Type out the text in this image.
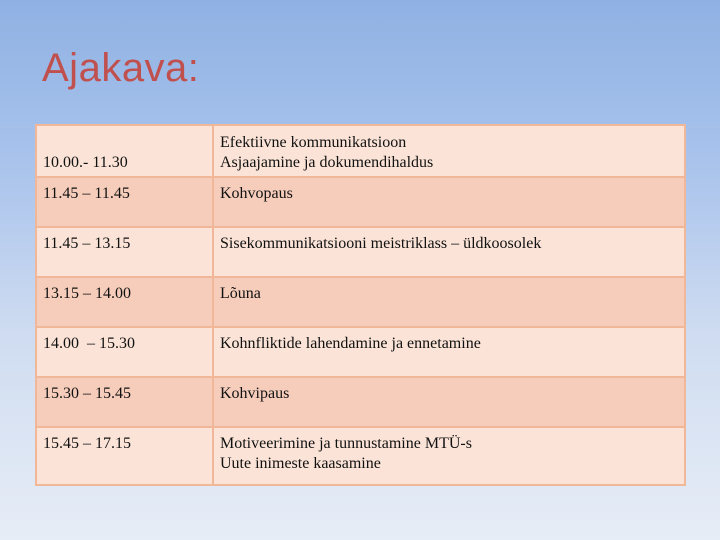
Ajakava:
10.00.- 11.30	Efektiivne kommunikatsioon
Asjaajamine ja dokumendihaldus

11.45 – 11.45	Kohvopaus

11.45 – 13.15	Sisekommunikatsiooni meistriklass – üldkoosolek

13.15 – 14.00	Lõuna

14.00  – 15.30	Kohnfliktide lahendamine ja ennetamine

15.30 – 15.45	Kohvipaus

15.45 – 17.15	Motiveerimine ja tunnustamine MTÜ-s
Uute inimeste kaasamine
